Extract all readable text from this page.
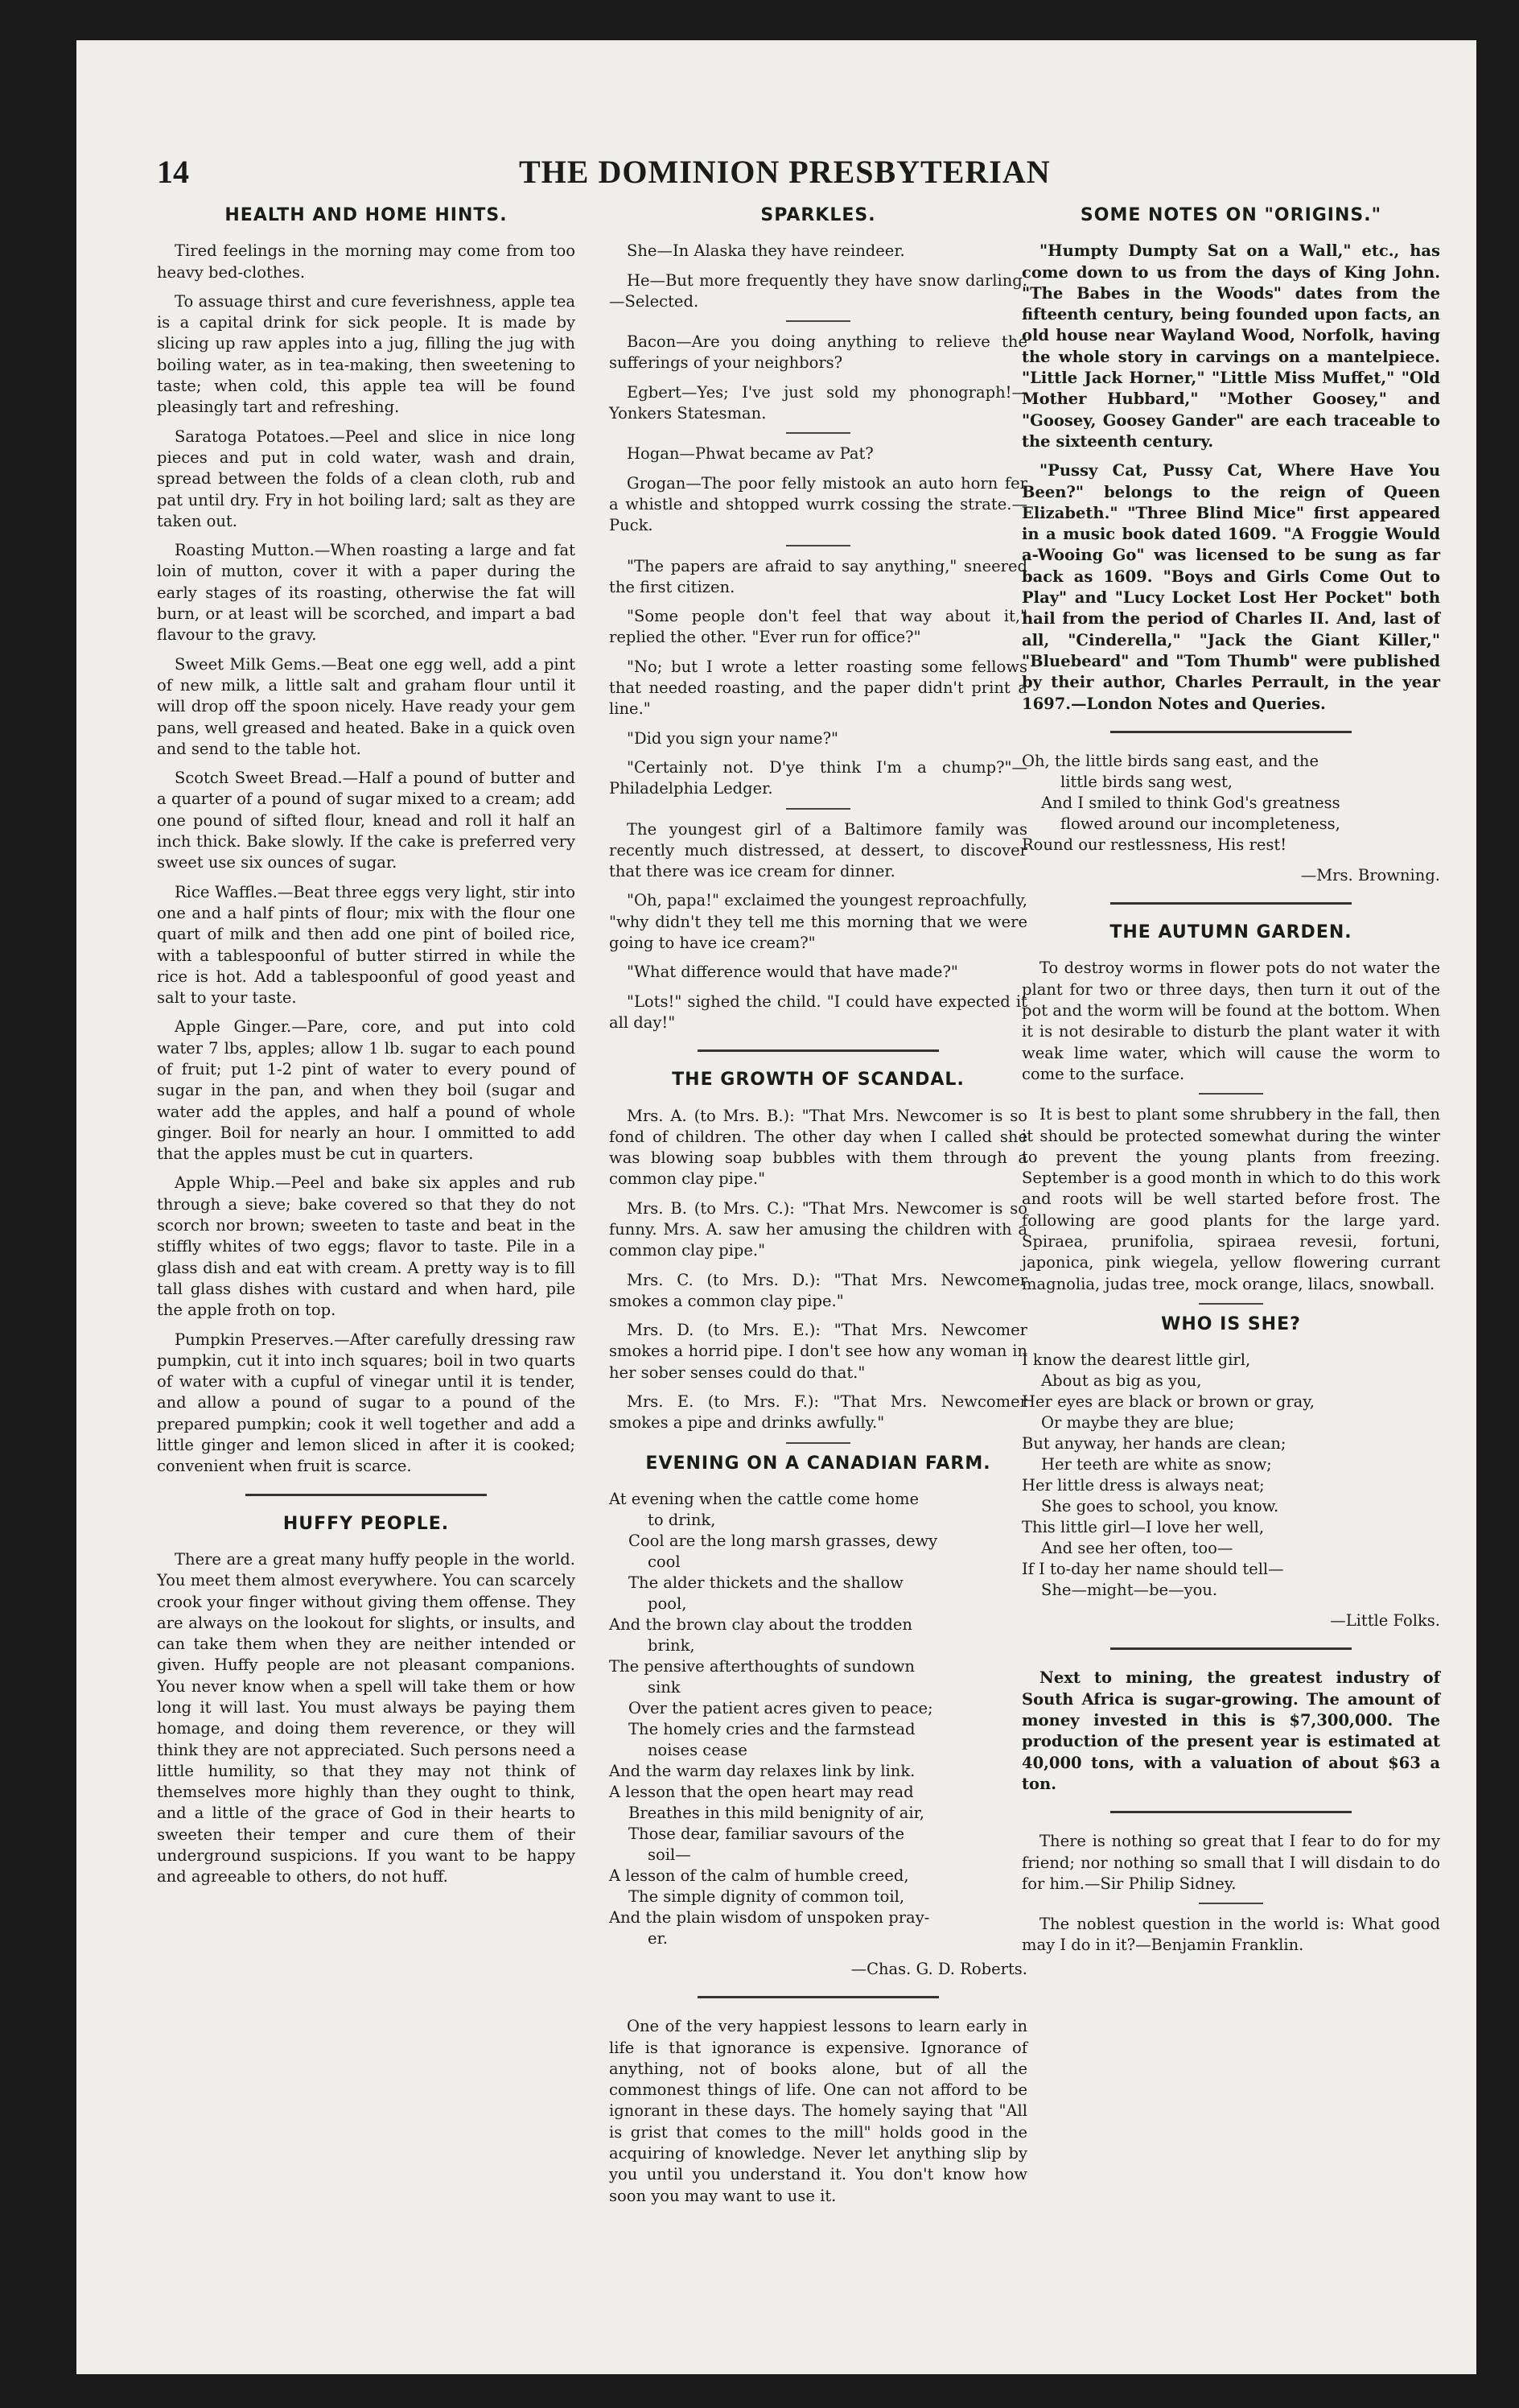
14	THE DOMINION PRESBYTERIAN
HEALTH AND HOME HINTS.

Tired feelings in the morning may come from too heavy bed-clothes.

To assuage thirst and cure feverishness, apple tea is a capital drink for sick people. It is made by slicing up raw apples into a jug, filling the jug with boiling water, as in tea-making, then sweetening to taste; when cold, this apple tea will be found pleasingly tart and refreshing.

Saratoga Potatoes.—Peel and slice in nice long pieces and put in cold water, wash and drain, spread between the folds of a clean cloth, rub and pat until dry. Fry in hot boiling lard; salt as they are taken out.

Roasting Mutton.—When roasting a large and fat loin of mutton, cover it with a paper during the early stages of its roasting, otherwise the fat will burn, or at least will be scorched, and impart a bad flavour to the gravy.

Sweet Milk Gems.—Beat one egg well, add a pint of new milk, a little salt and graham flour until it will drop off the spoon nicely. Have ready your gem pans, well greased and heated. Bake in a quick oven and send to the table hot.

Scotch Sweet Bread.—Half a pound of butter and a quarter of a pound of sugar mixed to a cream; add one pound of sifted flour, knead and roll it half an inch thick. Bake slowly. If the cake is preferred very sweet use six ounces of sugar.

Rice Waffles.—Beat three eggs very light, stir into one and a half pints of flour; mix with the flour one quart of milk and then add one pint of boiled rice, with a tablespoonful of butter stirred in while the rice is hot. Add a tablespoonful of good yeast and salt to your taste.

Apple Ginger.—Pare, core, and put into cold water 7 lbs, apples; allow 1 lb. sugar to each pound of fruit; put 1-2 pint of water to every pound of sugar in the pan, and when they boil (sugar and water add the apples, and half a pound of whole ginger. Boil for nearly an hour. I ommitted to add that the apples must be cut in quarters.

Apple Whip.—Peel and bake six apples and rub through a sieve; bake covered so that they do not scorch nor brown; sweeten to taste and beat in the stiffly whites of two eggs; flavor to taste. Pile in a glass dish and eat with cream. A pretty way is to fill tall glass dishes with custard and when hard, pile the apple froth on top.

Pumpkin Preserves.—After carefully dressing raw pumpkin, cut it into inch squares; boil in two quarts of water with a cupful of vinegar until it is tender, and allow a pound of sugar to a pound of the prepared pumpkin; cook it well together and add a little ginger and lemon sliced in after it is cooked; convenient when fruit is scarce.

HUFFY PEOPLE.

There are a great many huffy people in the world. You meet them almost everywhere. You can scarcely crook your finger without giving them offense. They are always on the lookout for slights, or insults, and can take them when they are neither intended or given. Huffy people are not pleasant companions. You never know when a spell will take them or how long it will last. You must always be paying them homage, and doing them reverence, or they will think they are not appreciated. Such persons need a little humility, so that they may not think of themselves more highly than they ought to think, and a little of the grace of God in their hearts to sweeten their temper and cure them of their underground suspicions. If you want to be happy and agreeable to others, do not huff.

SPARKLES.

She—In Alaska they have reindeer.

He—But more frequently they have snow darling.—Selected.

Bacon—Are you doing anything to relieve the sufferings of your neighbors?

Egbert—Yes; I've just sold my phonograph!—Yonkers Statesman.

Hogan—Phwat became av Pat?

Grogan—The poor felly mistook an auto horn fer a whistle and shtopped wurrk cossing the strate.—Puck.

"The papers are afraid to say anything," sneered the first citizen.

"Some people don't feel that way about it," replied the other. "Ever run for office?"

"No; but I wrote a letter roasting some fellows that needed roasting, and the paper didn't print a line."

"Did you sign your name?"

"Certainly not. D'ye think I'm a chump?"—Philadelphia Ledger.

The youngest girl of a Baltimore family was recently much distressed, at dessert, to discover that there was ice cream for dinner.

"Oh, papa!" exclaimed the youngest reproachfully, "why didn't they tell me this morning that we were going to have ice cream?"

"What difference would that have made?"

"Lots!" sighed the child. "I could have expected it all day!"

THE GROWTH OF SCANDAL.

Mrs. A. (to Mrs. B.): "That Mrs. Newcomer is so fond of children. The other day when I called she was blowing soap bubbles with them through a common clay pipe."

Mrs. B. (to Mrs. C.): "That Mrs. Newcomer is so funny. Mrs. A. saw her amusing the children with a common clay pipe."

Mrs. C. (to Mrs. D.): "That Mrs. Newcomer smokes a common clay pipe."

Mrs. D. (to Mrs. E.): "That Mrs. Newcomer smokes a horrid pipe. I don't see how any woman in her sober senses could do that."

Mrs. E. (to Mrs. F.): "That Mrs. Newcomer smokes a pipe and drinks awfully."

EVENING ON A CANADIAN FARM.
At evening when the cattle come home
to drink,
Cool are the long marsh grasses, dewy
cool
The alder thickets and the shallow
pool,
And the brown clay about the trodden
brink,
The pensive afterthoughts of sundown
sink
Over the patient acres given to peace;
The homely cries and the farmstead
noises cease
And the warm day relaxes link by link.
A lesson that the open heart may read
Breathes in this mild benignity of air,
Those dear, familiar savours of the
soil—
A lesson of the calm of humble creed,
The simple dignity of common toil,
And the plain wisdom of unspoken pray-
er.

—Chas. G. D. Roberts.

One of the very happiest lessons to learn early in life is that ignorance is expensive. Ignorance of anything, not of books alone, but of all the commonest things of life. One can not afford to be ignorant in these days. The homely saying that "All is grist that comes to the mill" holds good in the acquiring of knowledge. Never let anything slip by you until you understand it. You don't know how soon you may want to use it.

SOME NOTES ON "ORIGINS."

"Humpty Dumpty Sat on a Wall," etc., has come down to us from the days of King John. "The Babes in the Woods" dates from the fifteenth century, being founded upon facts, an old house near Wayland Wood, Norfolk, having the whole story in carvings on a mantelpiece. "Little Jack Horner," "Little Miss Muffet," "Old Mother Hubbard," "Mother Goosey," and "Goosey, Goosey Gander" are each traceable to the sixteenth century.

"Pussy Cat, Pussy Cat, Where Have You Been?" belongs to the reign of Queen Elizabeth." "Three Blind Mice" first appeared in a music book dated 1609. "A Froggie Would a-Wooing Go" was licensed to be sung as far back as 1609. "Boys and Girls Come Out to Play" and "Lucy Locket Lost Her Pocket" both hail from the period of Charles II. And, last of all, "Cinderella," "Jack the Giant Killer," "Bluebeard" and "Tom Thumb" were published by their author, Charles Perrault, in the year 1697.—London Notes and Queries.

Oh, the little birds sang east, and the
little birds sang west,
And I smiled to think God's greatness
flowed around our incompleteness,
Round our restlessness, His rest!

—Mrs. Browning.

THE AUTUMN GARDEN.

To destroy worms in flower pots do not water the plant for two or three days, then turn it out of the pot and the worm will be found at the bottom. When it is not desirable to disturb the plant water it with weak lime water, which will cause the worm to come to the surface.

It is best to plant some shrubbery in the fall, then it should be protected somewhat during the winter to prevent the young plants from freezing. September is a good month in which to do this work and roots will be well started before frost. The following are good plants for the large yard. Spiraea, prunifolia, spiraea revesii, fortuni, japonica, pink wiegela, yellow flowering currant magnolia, judas tree, mock orange, lilacs, snowball.

WHO IS SHE?
I know the dearest little girl,
About as big as you,
Her eyes are black or brown or gray,
Or maybe they are blue;
But anyway, her hands are clean;
Her teeth are white as snow;
Her little dress is always neat;
She goes to school, you know.
This little girl—I love her well,
And see her often, too—
If I to-day her name should tell—
She—might—be—you.

—Little Folks.

Next to mining, the greatest industry of South Africa is sugar-growing. The amount of money invested in this is $7,300,000. The production of the present year is estimated at 40,000 tons, with a valuation of about $63 a ton.

There is nothing so great that I fear to do for my friend; nor nothing so small that I will disdain to do for him.—Sir Philip Sidney.

The noblest question in the world is: What good may I do in it?—Benjamin Franklin.
